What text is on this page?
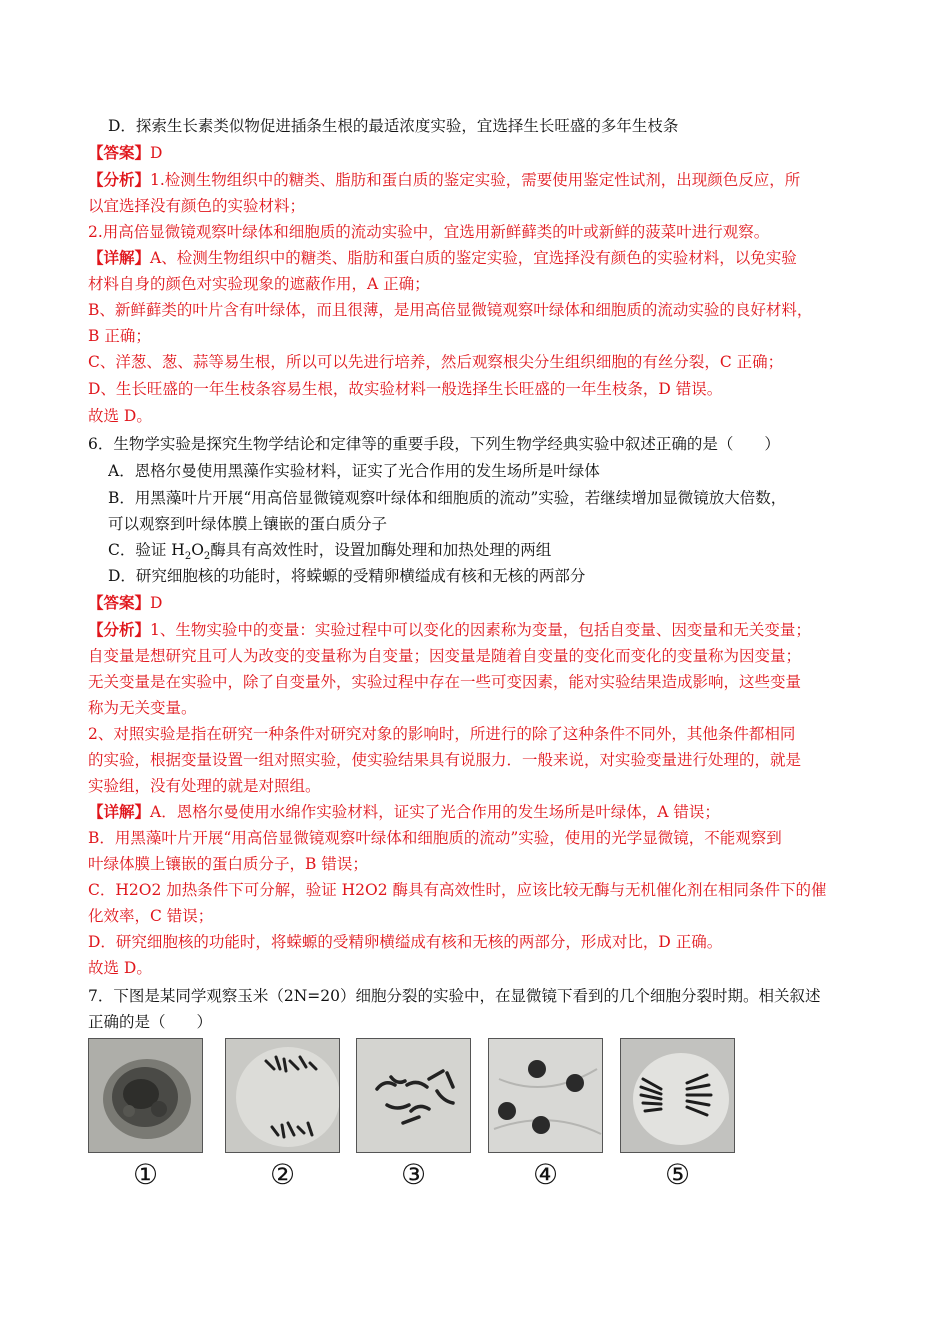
D．探索生长素类似物促进插条生根的最适浓度实验，宜选择生长旺盛的多年生枝条
【答案】D
【分析】1.检测生物组织中的糖类、脂肪和蛋白质的鉴定实验，需要使用鉴定性试剂，出现颜色反应，所
以宜选择没有颜色的实验材料；
2.用高倍显微镜观察叶绿体和细胞质的流动实验中，宜选用新鲜藓类的叶或新鲜的菠菜叶进行观察。
【详解】A、检测生物组织中的糖类、脂肪和蛋白质的鉴定实验，宜选择没有颜色的实验材料，以免实验
材料自身的颜色对实验现象的遮蔽作用，A 正确；
B、新鲜藓类的叶片含有叶绿体，而且很薄，是用高倍显微镜观察叶绿体和细胞质的流动实验的良好材料，
B 正确；
C、洋葱、葱、蒜等易生根，所以可以先进行培养，然后观察根尖分生组织细胞的有丝分裂，C 正确；
D、生长旺盛的一年生枝条容易生根，故实验材料一般选择生长旺盛的一年生枝条，D 错误。
故选 D。
6．生物学实验是探究生物学结论和定律等的重要手段，下列生物学经典实验中叙述正确的是（　　）
A．恩格尔曼使用黑藻作实验材料，证实了光合作用的发生场所是叶绿体
B．用黑藻叶片开展“用高倍显微镜观察叶绿体和细胞质的流动”实验，若继续增加显微镜放大倍数，
可以观察到叶绿体膜上镶嵌的蛋白质分子
C．验证 $H_2O_2$酶具有高效性时，设置加酶处理和加热处理的两组
D．研究细胞核的功能时，将蝾螈的受精卵横缢成有核和无核的两部分
【答案】D
【分析】1、生物实验中的变量：实验过程中可以变化的因素称为变量，包括自变量、因变量和无关变量；
自变量是想研究且可人为改变的变量称为自变量；因变量是随着自变量的变化而变化的变量称为因变量；
无关变量是在实验中，除了自变量外，实验过程中存在一些可变因素，能对实验结果造成影响，这些变量
称为无关变量。
2、对照实验是指在研究一种条件对研究对象的影响时，所进行的除了这种条件不同外，其他条件都相同
的实验，根据变量设置一组对照实验，使实验结果具有说服力．一般来说，对实验变量进行处理的，就是
实验组，没有处理的就是对照组。
【详解】A．恩格尔曼使用水绵作实验材料，证实了光合作用的发生场所是叶绿体，A 错误；
B．用黑藻叶片开展“用高倍显微镜观察叶绿体和细胞质的流动”实验，使用的光学显微镜，不能观察到
叶绿体膜上镶嵌的蛋白质分子，B 错误；
C．H2O2 加热条件下可分解，验证 H2O2 酶具有高效性时，应该比较无酶与无机催化剂在相同条件下的催
化效率，C 错误；
D．研究细胞核的功能时，将蝾螈的受精卵横缢成有核和无核的两部分，形成对比，D 正确。
故选 D。
7．下图是某同学观察玉米（2N=20）细胞分裂的实验中，在显微镜下看到的几个细胞分裂时期。相关叙述
正确的是（　　）
①	②	③	④	⑤
